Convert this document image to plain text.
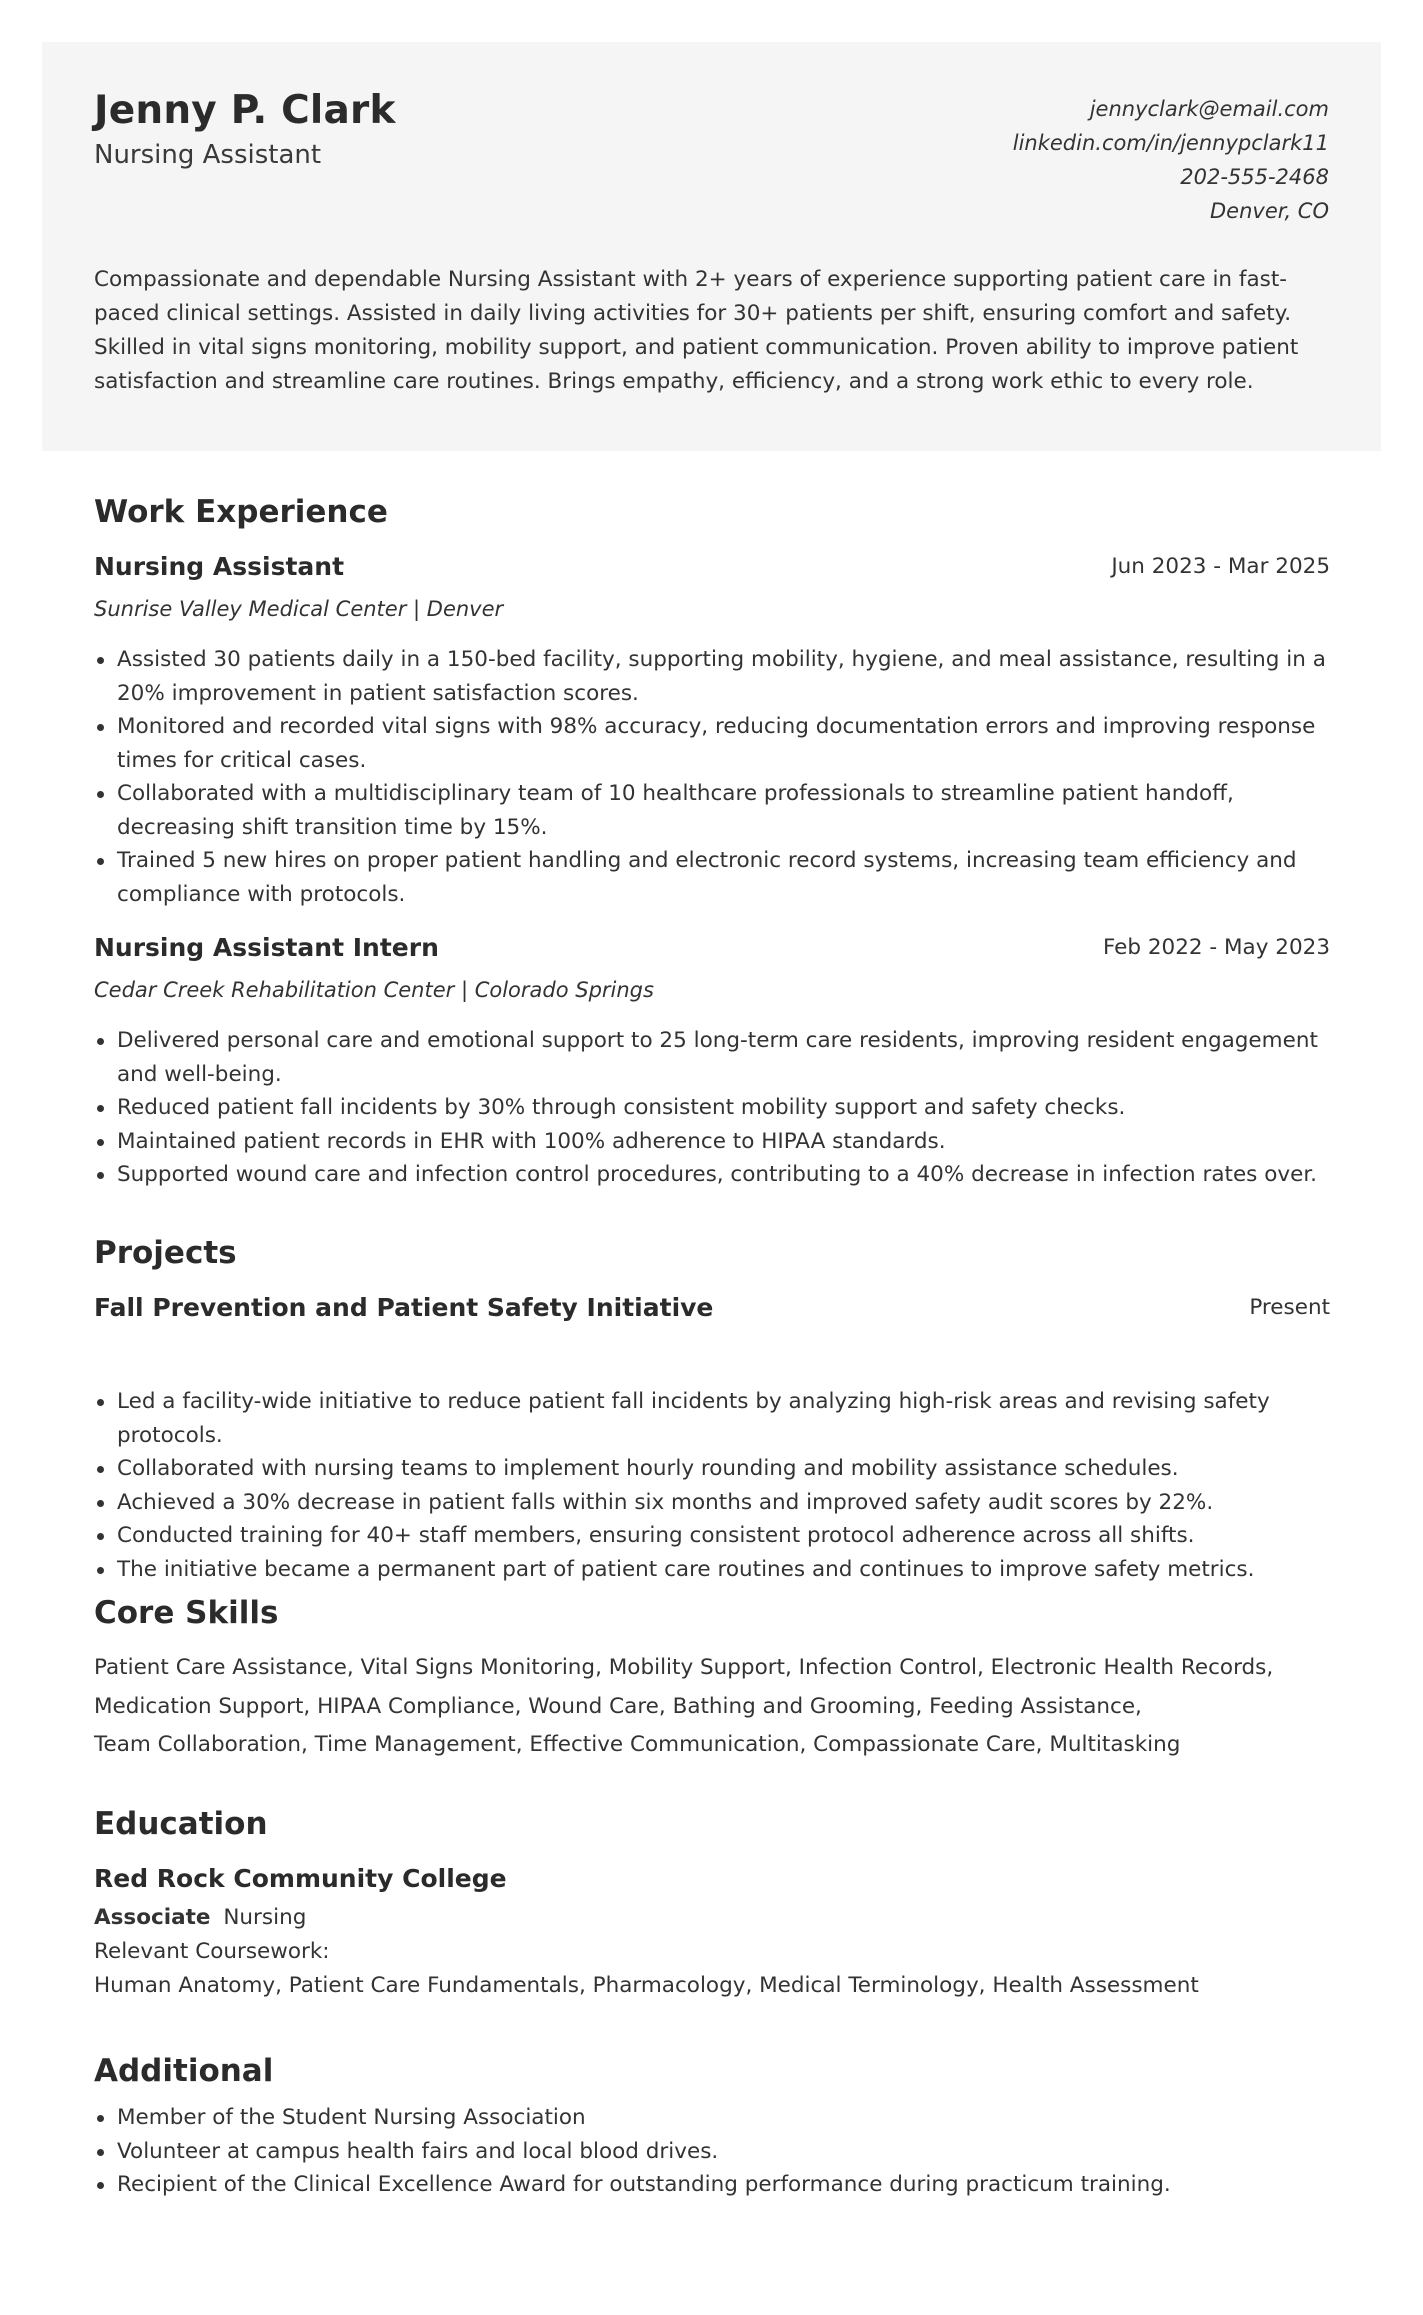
Jenny P. Clark
Nursing Assistant
jennyclark@email.com
linkedin.com/in/jennypclark11
202-555-2468
Denver, CO
Compassionate and dependable Nursing Assistant with 2+ years of experience supporting patient care in fast-paced clinical settings. Assisted in daily living activities for 30+ patients per shift, ensuring comfort and safety. Skilled in vital signs monitoring, mobility support, and patient communication. Proven ability to improve patient satisfaction and streamline care routines. Brings empathy, efficiency, and a strong work ethic to every role.
Work Experience
Nursing Assistant	Jun 2023 - Mar 2025
Sunrise Valley Medical Center | Denver
Assisted 30 patients daily in a 150-bed facility, supporting mobility, hygiene, and meal assistance, resulting in a 20% improvement in patient satisfaction scores.
Monitored and recorded vital signs with 98% accuracy, reducing documentation errors and improving response times for critical cases.
Collaborated with a multidisciplinary team of 10 healthcare professionals to streamline patient handoff, decreasing shift transition time by 15%.
Trained 5 new hires on proper patient handling and electronic record systems, increasing team efficiency and compliance with protocols.
Nursing Assistant Intern	Feb 2022 - May 2023
Cedar Creek Rehabilitation Center | Colorado Springs
Delivered personal care and emotional support to 25 long-term care residents, improving resident engagement and well-being.
Reduced patient fall incidents by 30% through consistent mobility support and safety checks.
Maintained patient records in EHR with 100% adherence to HIPAA standards.
Supported wound care and infection control procedures, contributing to a 40% decrease in infection rates over.
Projects
Fall Prevention and Patient Safety Initiative	Present
Led a facility-wide initiative to reduce patient fall incidents by analyzing high-risk areas and revising safety protocols.
Collaborated with nursing teams to implement hourly rounding and mobility assistance schedules.
Achieved a 30% decrease in patient falls within six months and improved safety audit scores by 22%.
Conducted training for 40+ staff members, ensuring consistent protocol adherence across all shifts.
The initiative became a permanent part of patient care routines and continues to improve safety metrics.
Core Skills
Patient Care Assistance, Vital Signs Monitoring, Mobility Support, Infection Control, Electronic Health Records,
Medication Support, HIPAA Compliance, Wound Care, Bathing and Grooming, Feeding Assistance,
Team Collaboration, Time Management, Effective Communication, Compassionate Care, Multitasking
Education
Red Rock Community College
Associate Nursing
Relevant Coursework:
Human Anatomy, Patient Care Fundamentals, Pharmacology, Medical Terminology, Health Assessment
Additional
Member of the Student Nursing Association
Volunteer at campus health fairs and local blood drives.
Recipient of the Clinical Excellence Award for outstanding performance during practicum training.
